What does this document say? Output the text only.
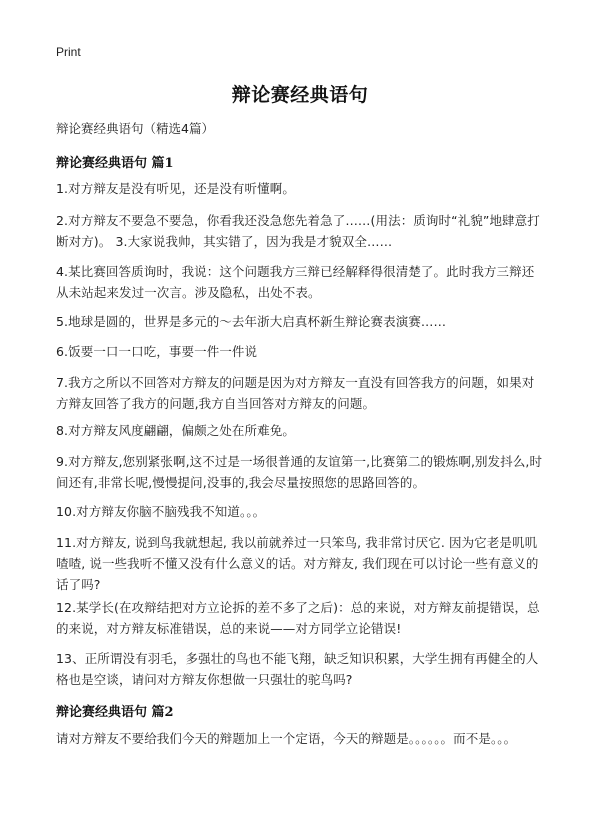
Print
辩论赛经典语句
辩论赛经典语句（精选4篇）
辩论赛经典语句 篇1
1.对方辩友是没有听见，还是没有听懂啊。
2.对方辩友不要急不要急，你看我还没急您先着急了……(用法：质询时“礼貌”地肆意打断对方)。 3.大家说我帅，其实错了，因为我是才貌双全……
4.某比赛回答质询时，我说：这个问题我方三辩已经解释得很清楚了。此时我方三辩还从未站起来发过一次言。涉及隐私，出处不表。
5.地球是圆的，世界是多元的～去年浙大启真杯新生辩论赛表演赛……
6.饭要一口一口吃，事要一件一件说
7.我方之所以不回答对方辩友的问题是因为对方辩友一直没有回答我方的问题，如果对方辩友回答了我方的问题,我方自当回答对方辩友的问题。
8.对方辩友风度翩翩，偏颇之处在所难免。
9.对方辩友,您别紧张啊,这不过是一场很普通的友谊第一,比赛第二的锻炼啊,别发抖么,时间还有,非常长呢,慢慢提问,没事的,我会尽量按照您的思路回答的。
10.对方辩友你脑不脑残我不知道。。。
11.对方辩友, 说到鸟我就想起, 我以前就养过一只笨鸟, 我非常讨厌它. 因为它老是叽叽喳喳, 说一些我听不懂又没有什么意义的话。对方辩友, 我们现在可以讨论一些有意义的话了吗?
12.某学长(在攻辩结把对方立论拆的差不多了之后)：总的来说，对方辩友前提错误，总的来说，对方辩友标准错误，总的来说——对方同学立论错误!
13、正所谓没有羽毛，多强壮的鸟也不能飞翔，缺乏知识积累，大学生拥有再健全的人格也是空谈，请问对方辩友你想做一只强壮的驼鸟吗?
辩论赛经典语句 篇2
请对方辩友不要给我们今天的辩题加上一个定语，今天的辩题是。。。。。。而不是。。。
